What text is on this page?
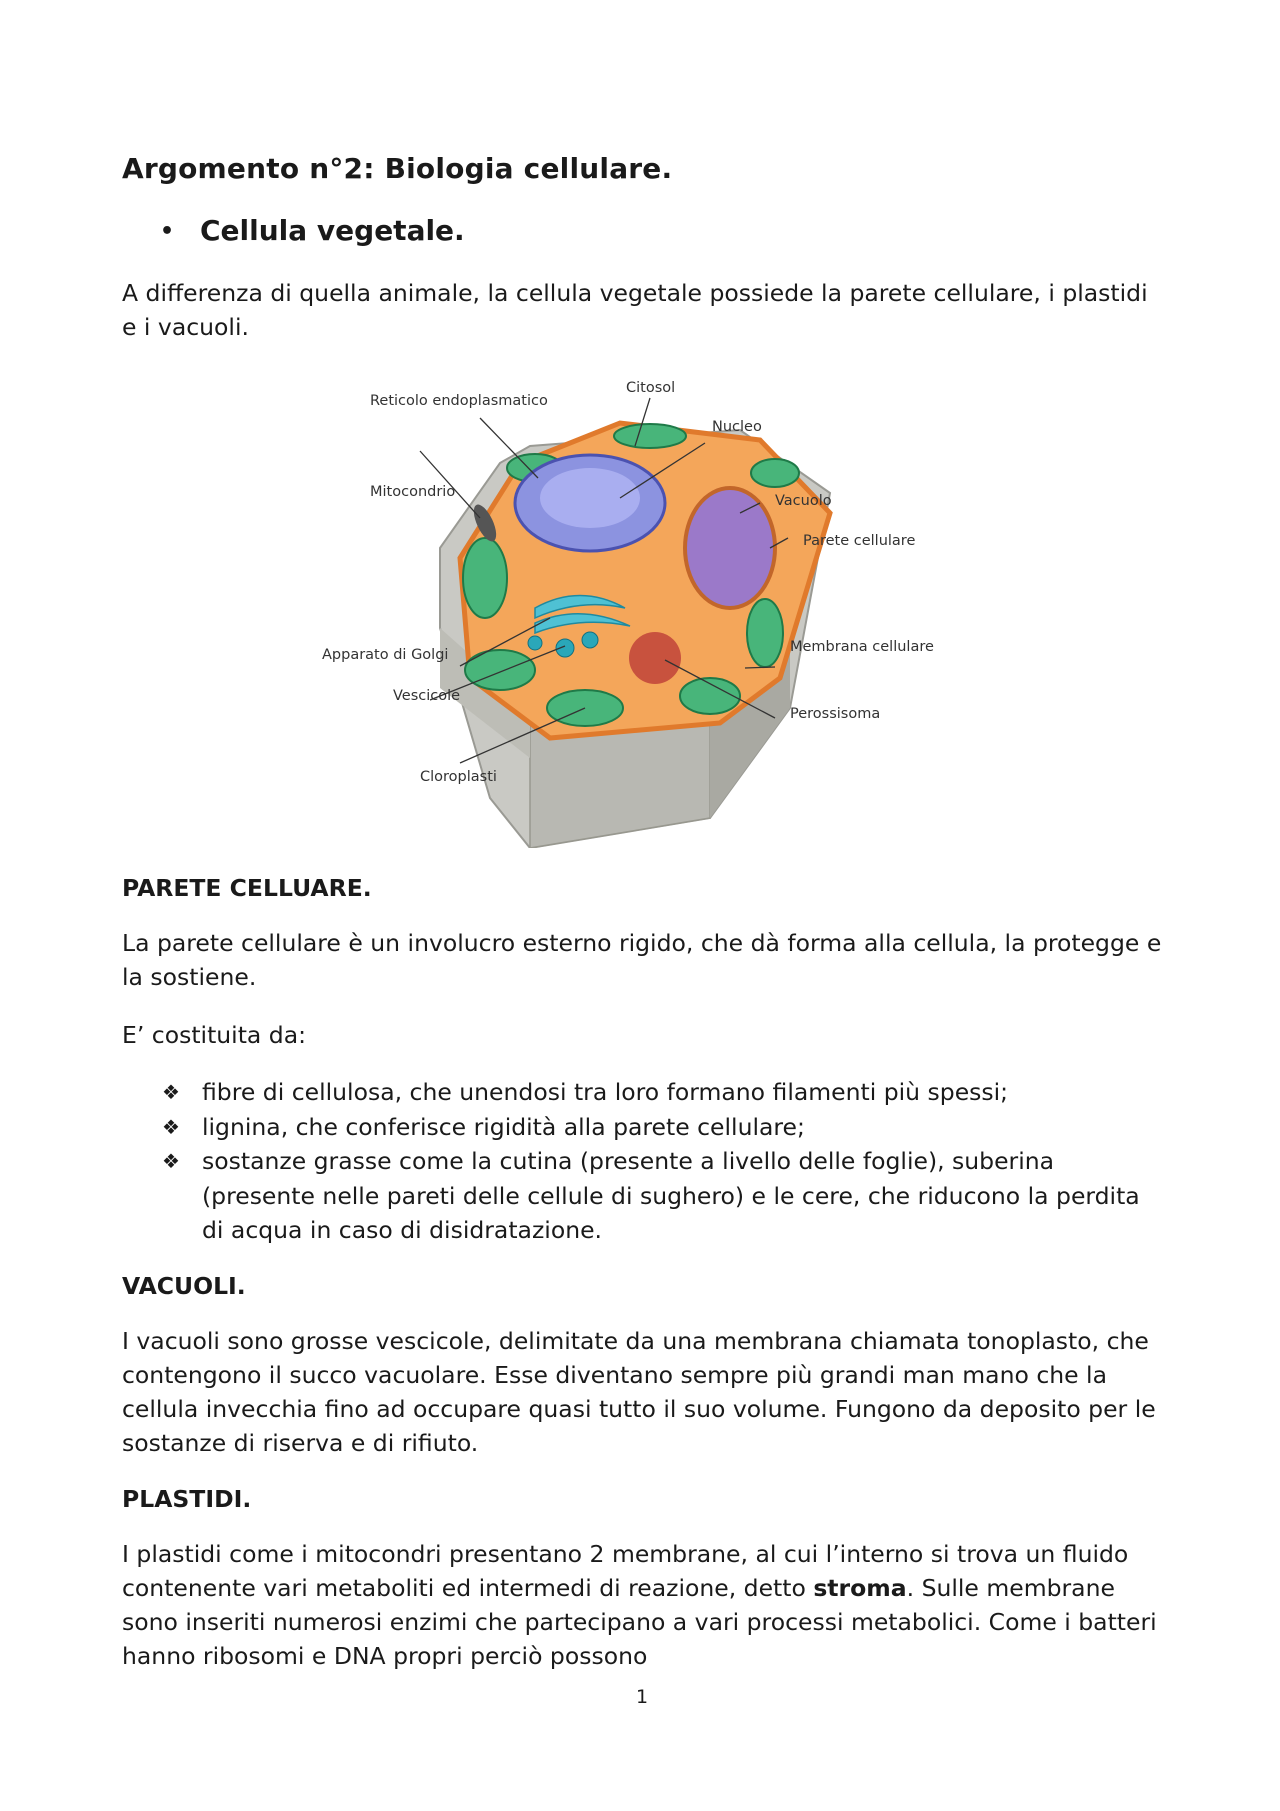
Argomento n°2: Biologia cellulare.
• Cellula vegetale.
A differenza di quella animale, la cellula vegetale possiede la parete cellulare, i plastidi e i vacuoli.
PARETE CELLUARE.
La parete cellulare è un involucro esterno rigido, che dà forma alla cellula, la protegge e la sostiene.
E’ costituita da:
❖ fibre di cellulosa, che unendosi tra loro formano filamenti più spessi;
❖ lignina, che conferisce rigidità alla parete cellulare;
❖ sostanze grasse come la cutina (presente a livello delle foglie), suberina (presente nelle pareti delle cellule di sughero) e le cere, che riducono la perdita di acqua in caso di disidratazione.
VACUOLI.
I vacuoli sono grosse vescicole, delimitate da una membrana chiamata tonoplasto, che contengono il succo vacuolare. Esse diventano sempre più grandi man mano che la cellula invecchia fino ad occupare quasi tutto il suo volume. Fungono da deposito per le sostanze di riserva e di rifiuto.
PLASTIDI.
I plastidi come i mitocondri presentano 2 membrane, al cui l’interno si trova un fluido contenente vari metaboliti ed intermedi di reazione, detto stroma. Sulle membrane sono inseriti numerosi enzimi che partecipano a vari processi metabolici. Come i batteri hanno ribosomi e DNA propri perciò possono
Reticolo endoplasmatico
Citosol
Nucleo
Mitocondrio
Vacuolo
Parete cellulare
Apparato di Golgi	Membrana cellulare
Vescicole
Perossisoma
Cloroplasti
1
